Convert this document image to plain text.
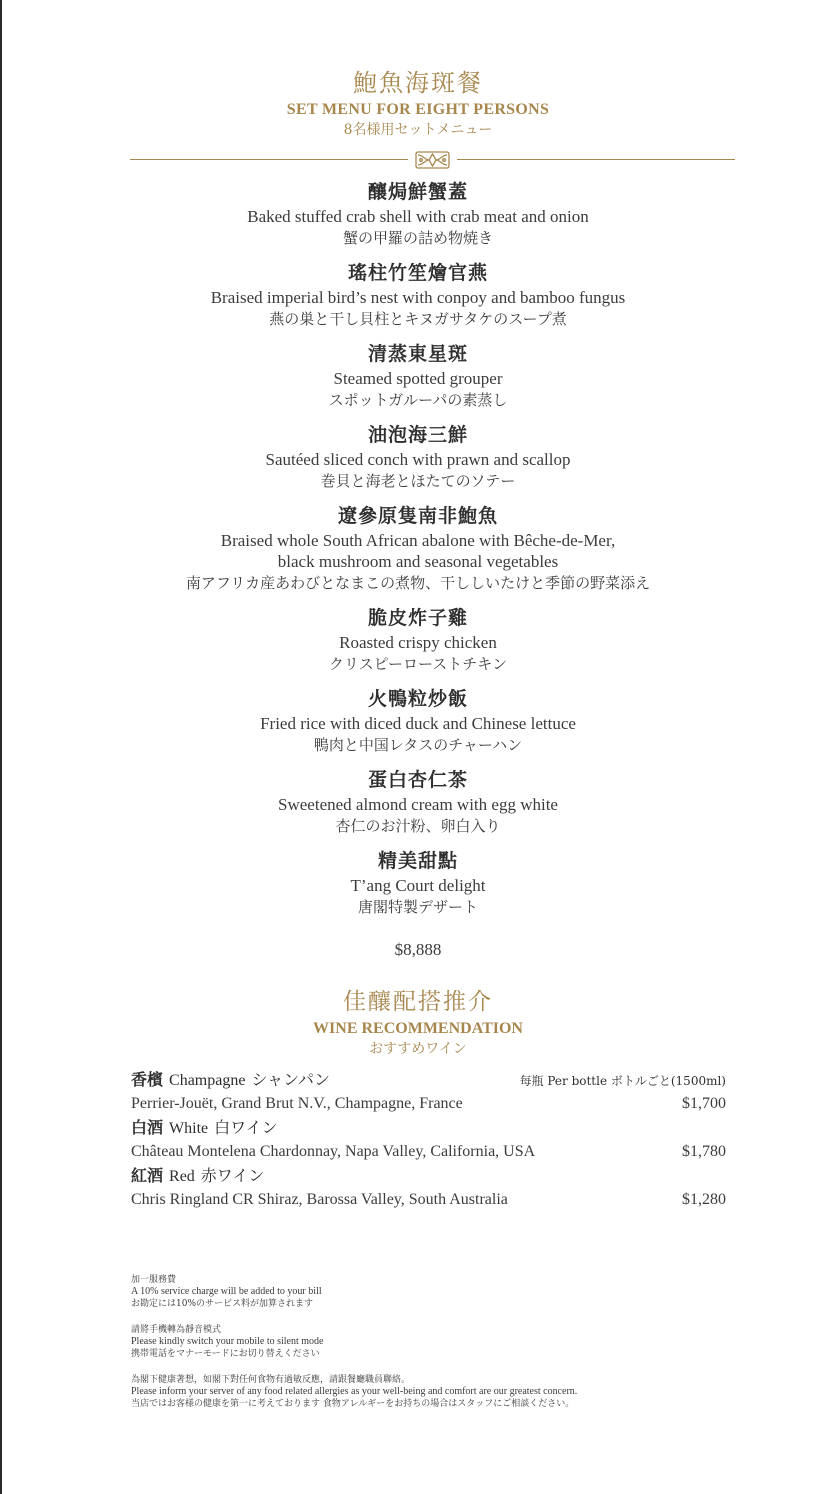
鮑魚海斑餐
SET MENU FOR EIGHT PERSONS
8名様用セットメニュー
釀焗鮮蟹蓋
Baked stuffed crab shell with crab meat and onion
蟹の甲羅の詰め物焼き
瑤柱竹笙燴官燕
Braised imperial bird’s nest with conpoy and bamboo fungus
燕の巣と干し貝柱とキヌガサタケのスープ煮
清蒸東星斑
Steamed spotted grouper
スポットガルーパの素蒸し
油泡海三鮮
Sautéed sliced conch with prawn and scallop
巻貝と海老とほたてのソテー
遼參原隻南非鮑魚
Braised whole South African abalone with Bêche-de-Mer,
black mushroom and seasonal vegetables
南アフリカ産あわびとなまこの煮物、干ししいたけと季節の野菜添え
脆皮炸子雞
Roasted crispy chicken
クリスピーローストチキン
火鴨粒炒飯
Fried rice with diced duck and Chinese lettuce
鴨肉と中国レタスのチャーハン
蛋白杏仁茶
Sweetened almond cream with egg white
杏仁のお汁粉、卵白入り
精美甜點
T’ang Court delight
唐閣特製デザート
$8,888
佳釀配搭推介
WINE RECOMMENDATION
おすすめワイン
香檳 Champagne シャンパン	每瓶 Per bottle ボトルごと(1500ml)
Perrier-Jouët, Grand Brut N.V., Champagne, France	$1,700
白酒 White 白ワイン
Château Montelena Chardonnay, Napa Valley, California, USA	$1,780
紅酒 Red 赤ワイン
Chris Ringland CR Shiraz, Barossa Valley, South Australia	$1,280
加一服務費
A 10% service charge will be added to your bill
お勘定には10%のサービス料が加算されます
請將手機轉為靜音模式
Please kindly switch your mobile to silent mode
携帯電話をマナーモードにお切り替えください
為閣下健康著想，如閣下對任何食物有過敏反應，請跟餐廳職員聯絡。
Please inform your server of any food related allergies as your well-being and comfort are our greatest concern.
当店ではお客様の健康を第一に考えております 食物アレルギーをお持ちの場合はスタッフにご相談ください。
